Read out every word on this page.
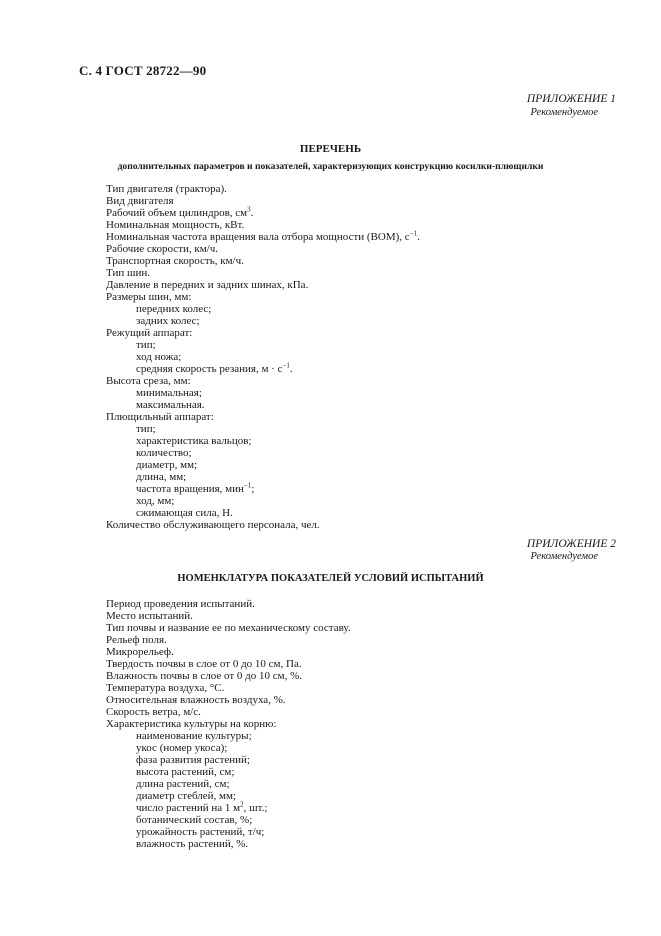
С. 4 ГОСТ 28722—90
ПРИЛОЖЕНИЕ 1
Рекомендуемое
ПЕРЕЧЕНЬ
дополнительных параметров и показателей, характеризующих конструкцию косилки-плющилки
Тип двигателя (трактора).
Вид двигателя
Рабочий объем цилиндров, $см^3$.
Номинальная мощность, кВт.
Номинальная частота вращения вала отбора мощности (ВОМ), $с^{-1}$.
Рабочие скорости, км/ч.
Транспортная скорость, км/ч.
Тип шин.
Давление в передних и задних шинах, кПа.
Размеры шин, мм:
передних колес;
задних колес;
Режущий аппарат:
тип;
ход ножа;
средняя скорость резания, $м \cdot с^{-1}$.
Высота среза, мм:
минимальная;
максимальная.
Плющильный аппарат:
тип;
характеристика вальцов;
количество;
диаметр, мм;
длина, мм;
частота вращения, мин$^{-1}$;
ход, мм;
сжимающая сила, Н.
Количество обслуживающего персонала, чел.
ПРИЛОЖЕНИЕ 2
Рекомендуемое
НОМЕНКЛАТУРА ПОКАЗАТЕЛЕЙ УСЛОВИЙ ИСПЫТАНИЙ
Период проведения испытаний.
Место испытаний.
Тип почвы и название ее по механическому составу.
Рельеф поля.
Микрорельеф.
Твердость почвы в слое от 0 до 10 см, Па.
Влажность почвы в слое от 0 до 10 см, %.
Температура воздуха, °С.
Относительная влажность воздуха, %.
Скорость ветра, м/с.
Характеристика культуры на корню:
наименование культуры;
укос (номер укоса);
фаза развития растений;
высота растений, см;
длина растений, см;
диаметр стеблей, мм;
число растений на 1 $м^2$, шт.;
ботанический состав, %;
урожайность растений, т/ч;
влажность растений, %.
